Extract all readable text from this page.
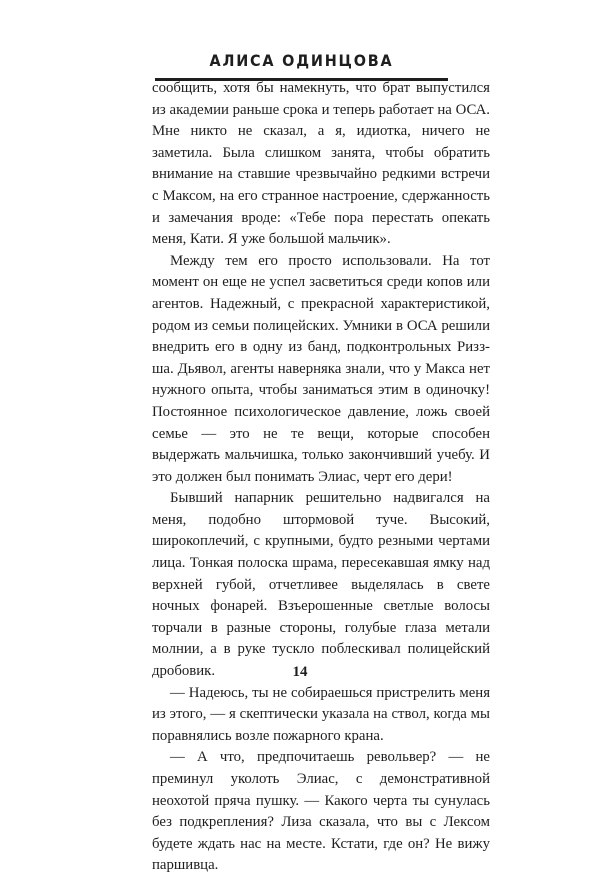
АЛИСА ОДИНЦОВА

сообщить, хотя бы намекнуть, что брат выпустился из академии раньше срока и теперь работает на ОСА. Мне никто не сказал, а я, идиотка, ничего не заметила. Была слишком занята, чтобы обратить внимание на ставшие чрезвычайно редкими встречи с Максом, на его странное настроение, сдержанность и замечания вроде: «Тебе пора перестать опекать меня, Кати. Я уже большой мальчик».

Между тем его просто использовали. На тот момент он еще не успел засветиться среди копов или агентов. Надежный, с прекрасной характеристикой, родом из семьи полицейских. Умники в ОСА решили внедрить его в одну из банд, подконтрольных Ризз-ша. Дьявол, агенты наверняка знали, что у Макса нет нужного опыта, чтобы заниматься этим в одиночку! Постоянное психологическое давление, ложь своей семье — это не те вещи, которые способен выдержать мальчишка, только закончивший учебу. И это должен был понимать Элиас, черт его дери!

Бывший напарник решительно надвигался на меня, подобно штормовой туче. Высокий, широкоплечий, с крупными, будто резными чертами лица. Тонкая полоска шрама, пересекавшая ямку над верхней губой, отчетливее выделялась в свете ночных фонарей. Взъерошенные светлые волосы торчали в разные стороны, голубые глаза метали молнии, а в руке тускло поблескивал полицейский дробовик.

— Надеюсь, ты не собираешься пристрелить меня из этого, — я скептически указала на ствол, когда мы поравнялись возле пожарного крана.

— А что, предпочитаешь револьвер? — не преминул уколоть Элиас, с демонстративной неохотой пряча пушку. — Какого черта ты сунулась без подкрепления? Лиза сказала, что вы с Лексом будете ждать нас на месте. Кстати, где он? Не вижу паршивца.

14
